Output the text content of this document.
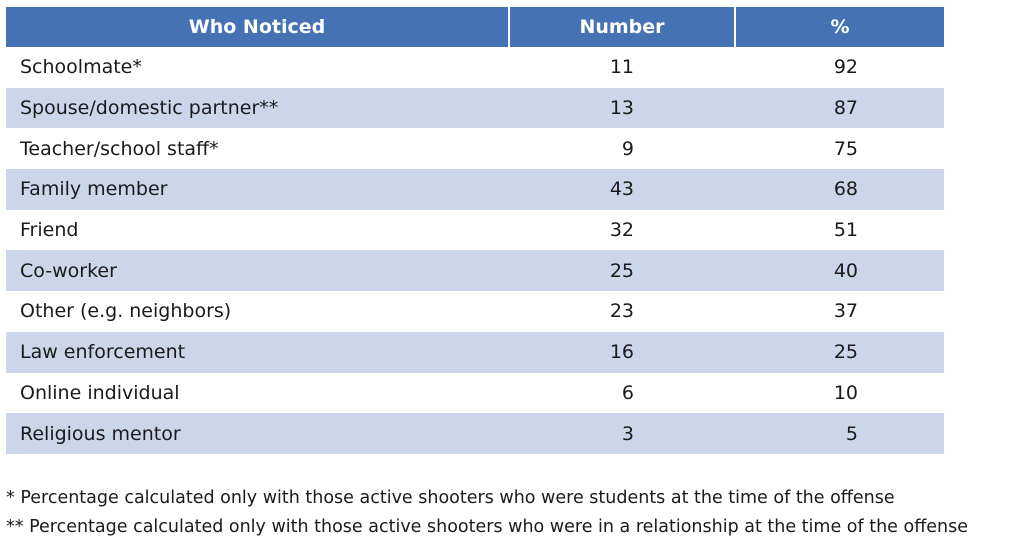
Who Noticed	Number	%
Schoolmate*	11	92
Spouse/domestic partner**	13	87
Teacher/school staff*	9	75
Family member	43	68
Friend	32	51
Co-worker	25	40
Other (e.g. neighbors)	23	37
Law enforcement	16	25
Online individual	6	10
Religious mentor	3	5
* Percentage calculated only with those active shooters who were students at the time of the offense
** Percentage calculated only with those active shooters who were in a relationship at the time of the offense
